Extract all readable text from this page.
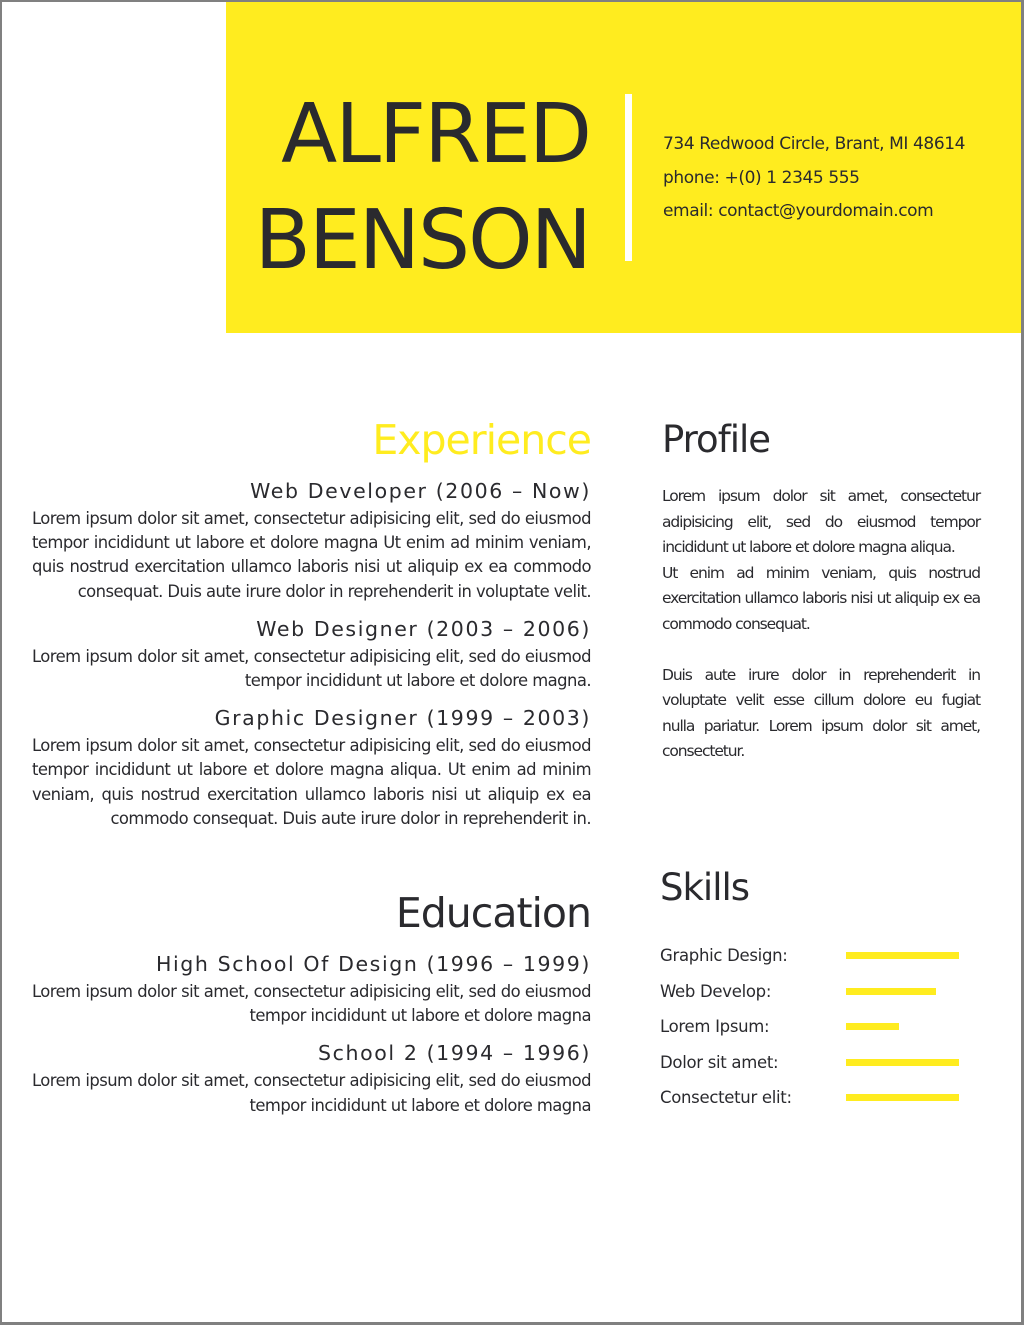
ALFRED
BENSON
734 Redwood Circle, Brant, MI 48614
phone: +(0) 1 2345 555
email: contact@yourdomain.com
Experience
Web Developer (2006 – Now)
Lorem ipsum dolor sit amet, consectetur adipisicing elit, sed do eiusmod tempor incididunt ut labore et dolore magna Ut enim ad minim veniam, quis nostrud exercitation ullamco laboris nisi ut aliquip ex ea commodo consequat. Duis aute irure dolor in reprehenderit in voluptate velit.
Web Designer (2003 – 2006)
Lorem ipsum dolor sit amet, consectetur adipisicing elit, sed do eiusmod tempor incididunt ut labore et dolore magna.
Graphic Designer (1999 – 2003)
Lorem ipsum dolor sit amet, consectetur adipisicing elit, sed do eiusmod tempor incididunt ut labore et dolore magna aliqua. Ut enim ad minim veniam, quis nostrud exercitation ullamco laboris nisi ut aliquip ex ea commodo consequat. Duis aute irure dolor in reprehenderit in.
Education
High School Of Design (1996 – 1999)
Lorem ipsum dolor sit amet, consectetur adipisicing elit, sed do eiusmod tempor incididunt ut labore et dolore magna
School 2 (1994 – 1996)
Lorem ipsum dolor sit amet, consectetur adipisicing elit, sed do eiusmod tempor incididunt ut labore et dolore magna
Profile

Lorem ipsum dolor sit amet, consectetur adipisicing elit, sed do eiusmod tempor incididunt ut labore et dolore magna aliqua.

Ut enim ad minim veniam, quis nostrud exercitation ullamco laboris nisi ut aliquip ex ea commodo consequat.

Duis aute irure dolor in reprehenderit in voluptate velit esse cillum dolore eu fugiat nulla pariatur. Lorem ipsum dolor sit amet, consectetur.

Skills
Graphic Design:
Web Develop:
Lorem Ipsum:
Dolor sit amet:
Consectetur elit:
